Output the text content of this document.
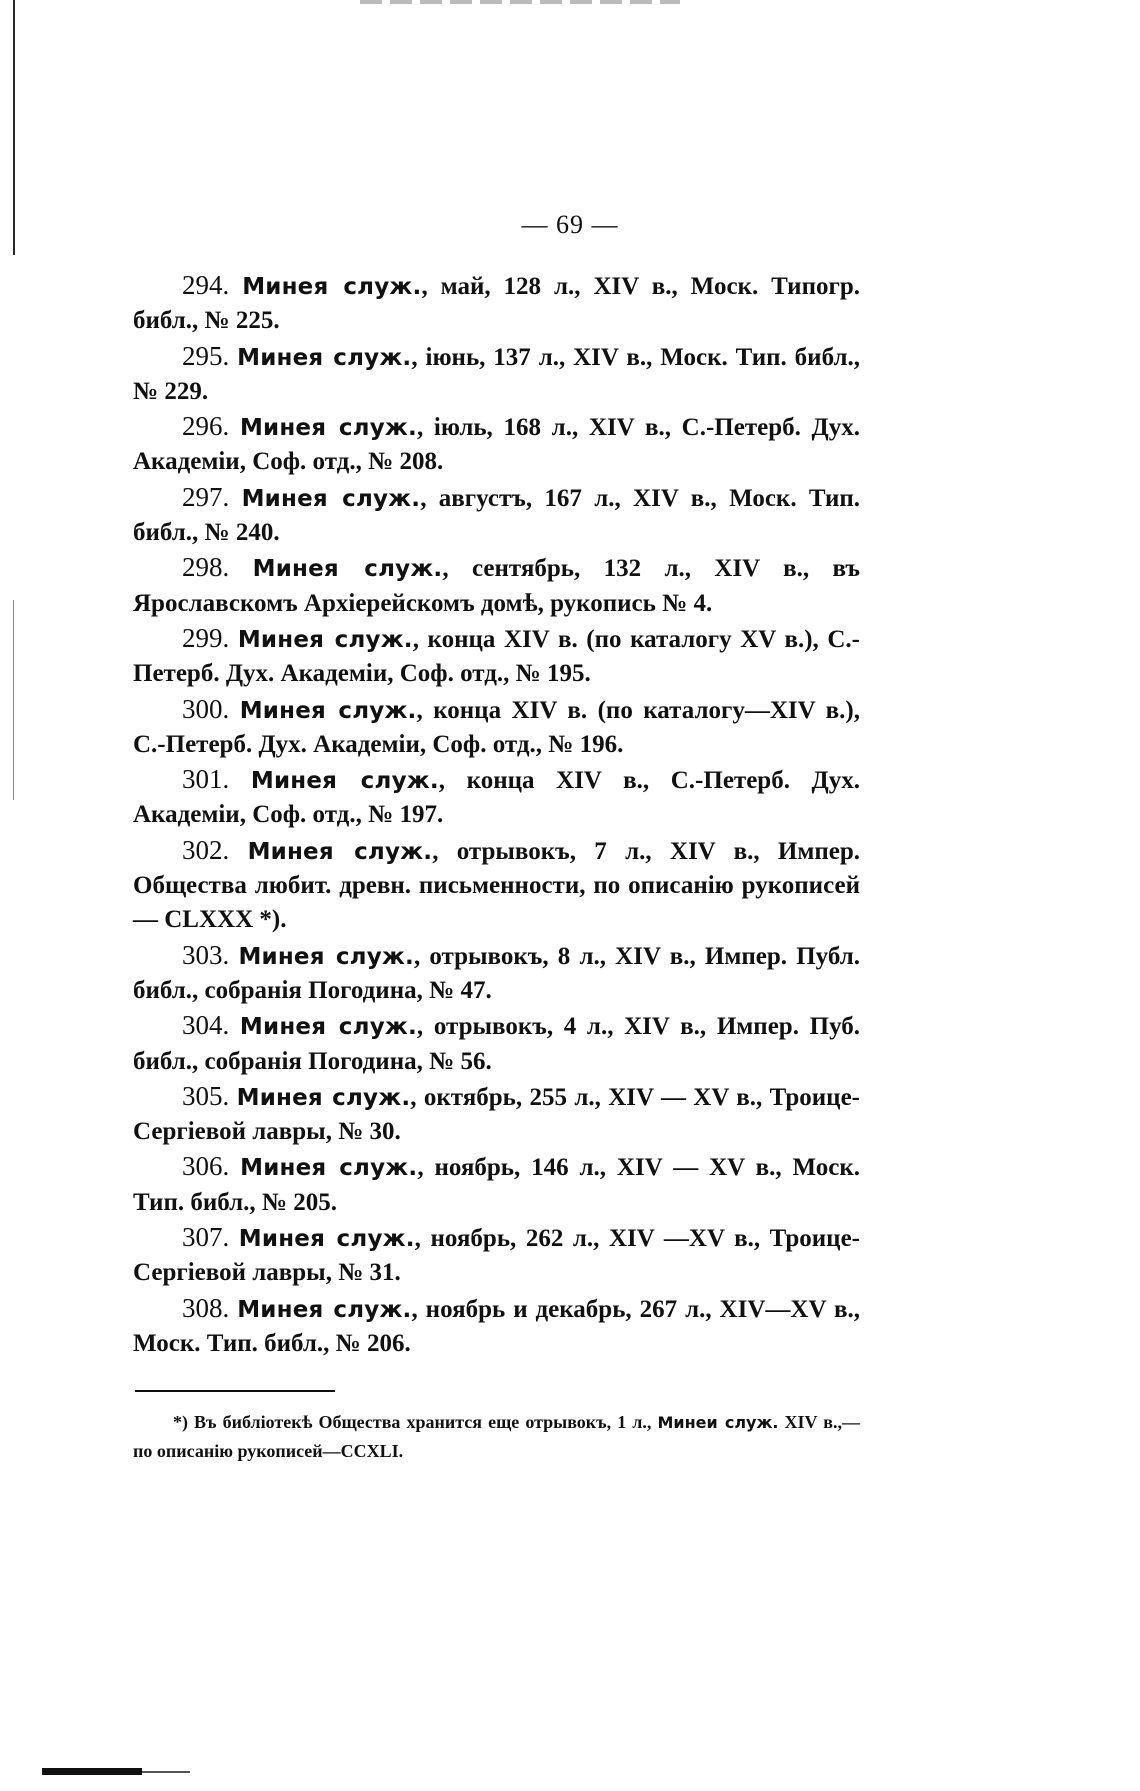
— 69 —

294. Минея служ., май, 128 л., XIV в., Моск. Типогр. библ., № 225.

295. Минея служ., іюнь, 137 л., XIV в., Моск. Тип. библ., № 229.

296. Минея служ., іюль, 168 л., XIV в., С.-Петерб. Дух. Академіи, Соф. отд., № 208.

297. Минея служ., августъ, 167 л., XIV в., Моск. Тип. библ., № 240.

298. Минея служ., сентябрь, 132 л., XIV в., въ Ярославскомъ Архіерейскомъ домѣ, рукопись № 4.

299. Минея служ., конца XIV в. (по каталогу XV в.), С.-Петерб. Дух. Академіи, Соф. отд., № 195.

300. Минея служ., конца XIV в. (по каталогу—XIV в.), С.-Петерб. Дух. Академіи, Соф. отд., № 196.

301. Минея служ., конца XIV в., С.-Петерб. Дух. Академіи, Соф. отд., № 197.

302. Минея служ., отрывокъ, 7 л., XIV в., Импер. Общества любит. древн. письменности, по описанію рукописей — CLXXX *).

303. Минея служ., отрывокъ, 8 л., XIV в., Импер. Публ. библ., собранія Погодина, № 47.

304. Минея служ., отрывокъ, 4 л., XIV в., Импер. Пуб. библ., собранія Погодина, № 56.

305. Минея служ., октябрь, 255 л., XIV — XV в., Троице-Сергіевой лавры, № 30.

306. Минея служ., ноябрь, 146 л., XIV — XV в., Моск. Тип. библ., № 205.

307. Минея служ., ноябрь, 262 л., XIV —XV в., Троице-Сергіевой лавры, № 31.

308. Минея служ., ноябрь и декабрь, 267 л., XIV—XV в., Моск. Тип. библ., № 206.

*) Въ библіотекѣ Общества хранится еще отрывокъ, 1 л., Минеи служ. XIV в.,—по описанію рукописей—CCXLI.
